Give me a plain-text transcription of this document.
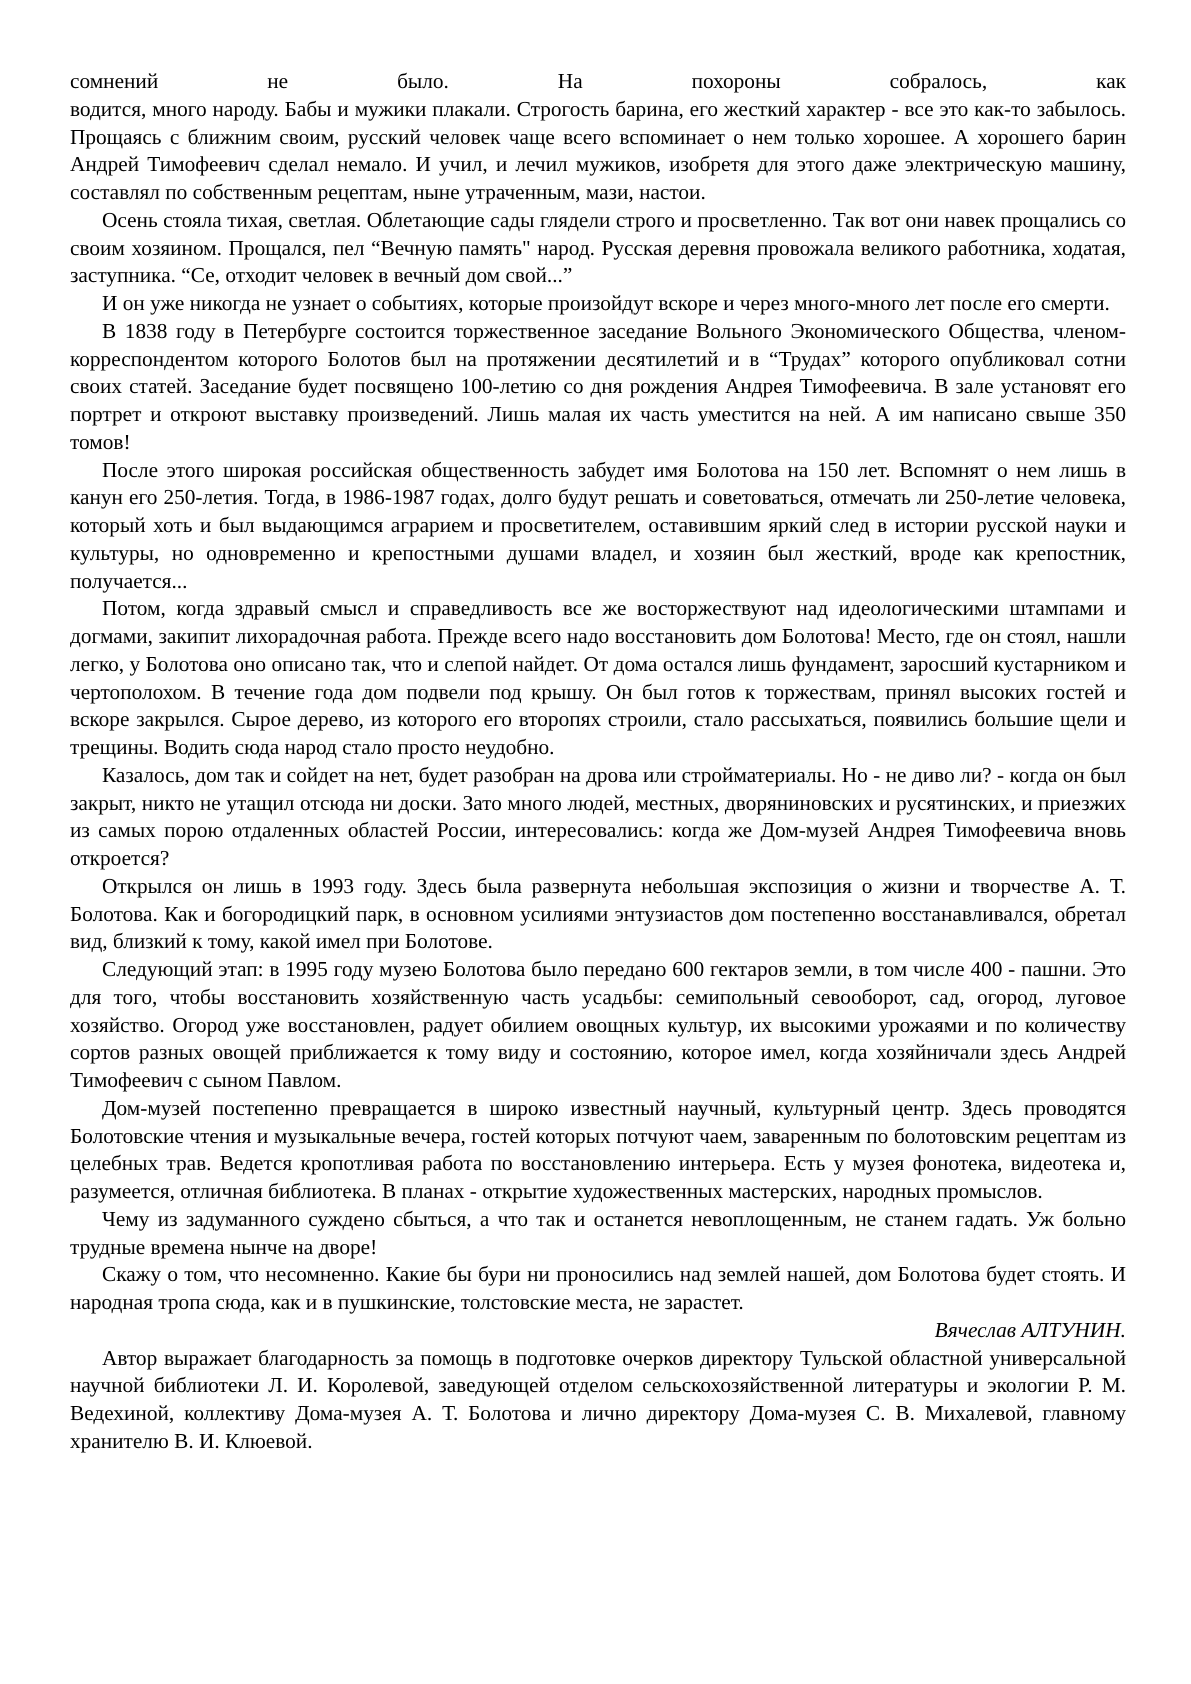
сомнений не было. На похороны собралось, как
водится, много народу. Бабы и мужики плакали. Строгость барина, его жесткий характер - все это как-то забылось. Прощаясь с ближним своим, русский человек чаще всего вспоминает о нем только хорошее. А хорошего барин Андрей Тимофеевич сделал немало. И учил, и лечил мужиков, изобретя для этого даже электрическую машину, составлял по собственным рецептам, ныне утраченным, мази, настои.

Осень стояла тихая, светлая. Облетающие сады глядели строго и просветленно. Так вот они навек прощались со своим хозяином. Прощался, пел “Вечную память" народ. Русская деревня провожала великого работника, ходатая, заступника. “Се, отходит человек в вечный дом свой...”

И он уже никогда не узнает о событиях, которые произойдут вскоре и через много-много лет после его смерти.

В 1838 году в Петербурге состоится торжественное заседание Вольного Экономического Общества, членом-корреспондентом которого Болотов был на протяжении десятилетий и в “Трудах” которого опубликовал сотни своих статей. Заседание будет посвящено 100-летию со дня рождения Андрея Тимофеевича. В зале установят его портрет и откроют выставку произведений. Лишь малая их часть уместится на ней. А им написано свыше 350 томов!

После этого широкая российская общественность забудет имя Болотова на 150 лет. Вспомнят о нем лишь в канун его 250-летия. Тогда, в 1986-1987 годах, долго будут решать и советоваться, отмечать ли 250-летие человека, который хоть и был выдающимся аграрием и просветителем, оставившим яркий след в истории русской науки и культуры, но одновременно и крепостными душами владел, и хозяин был жесткий, вроде как крепостник, получается...

Потом, когда здравый смысл и справедливость все же восторжествуют над идеологическими штампами и догмами, закипит лихорадочная работа. Прежде всего надо восстановить дом Болотова! Место, где он стоял, нашли легко, у Болотова оно описано так, что и слепой найдет. От дома остался лишь фундамент, заросший кустарником и чертополохом. В течение года дом подвели под крышу. Он был готов к торжествам, принял высоких гостей и вскоре закрылся. Сырое дерево, из которого его второпях строили, стало рассыхаться, появились большие щели и трещины. Водить сюда народ стало просто неудобно.

Казалось, дом так и сойдет на нет, будет разобран на дрова или стройматериалы. Но - не диво ли? - когда он был закрыт, никто не утащил отсюда ни доски. Зато много людей, местных, дворяниновских и русятинских, и приезжих из самых порою отдаленных областей России, интересовались: когда же Дом-музей Андрея Тимофеевича вновь откроется?

Открылся он лишь в 1993 году. Здесь была развернута небольшая экспозиция о жизни и творчестве А. Т. Болотова. Как и богородицкий парк, в основном усилиями энтузиастов дом постепенно восстанавливался, обретал вид, близкий к тому, какой имел при Болотове.

Следующий этап: в 1995 году музею Болотова было передано 600 гектаров земли, в том числе 400 - пашни. Это для того, чтобы восстановить хозяйственную часть усадьбы: семипольный севооборот, сад, огород, луговое хозяйство. Огород уже восстановлен, радует обилием овощных культур, их высокими урожаями и по количеству сортов разных овощей приближается к тому виду и состоянию, которое имел, когда хозяйничали здесь Андрей Тимофеевич с сыном Павлом.

Дом-музей постепенно превращается в широко известный научный, культурный центр. Здесь проводятся Болотовские чтения и музыкальные вечера, гостей которых потчуют чаем, заваренным по болотовским рецептам из целебных трав. Ведется кропотливая работа по восстановлению интерьера. Есть у музея фонотека, видеотека и, разумеется, отличная библиотека. В планах - открытие художественных мастерских, народных промыслов.

Чему из задуманного суждено сбыться, а что так и останется невоплощенным, не станем гадать. Уж больно трудные времена нынче на дворе!

Скажу о том, что несомненно. Какие бы бури ни проносились над землей нашей, дом Болотова будет стоять. И народная тропа сюда, как и в пушкинские, толстовские места, не зарастет.

Вячеслав АЛТУНИН.

Автор выражает благодарность за помощь в подготовке очерков директору Тульской областной универсальной научной библиотеки Л. И. Королевой, заведующей отделом сельскохозяйственной литературы и экологии Р. М. Ведехиной, коллективу Дома-музея А. Т. Болотова и лично директору Дома-музея С. В. Михалевой, главному хранителю В. И. Клюевой.
